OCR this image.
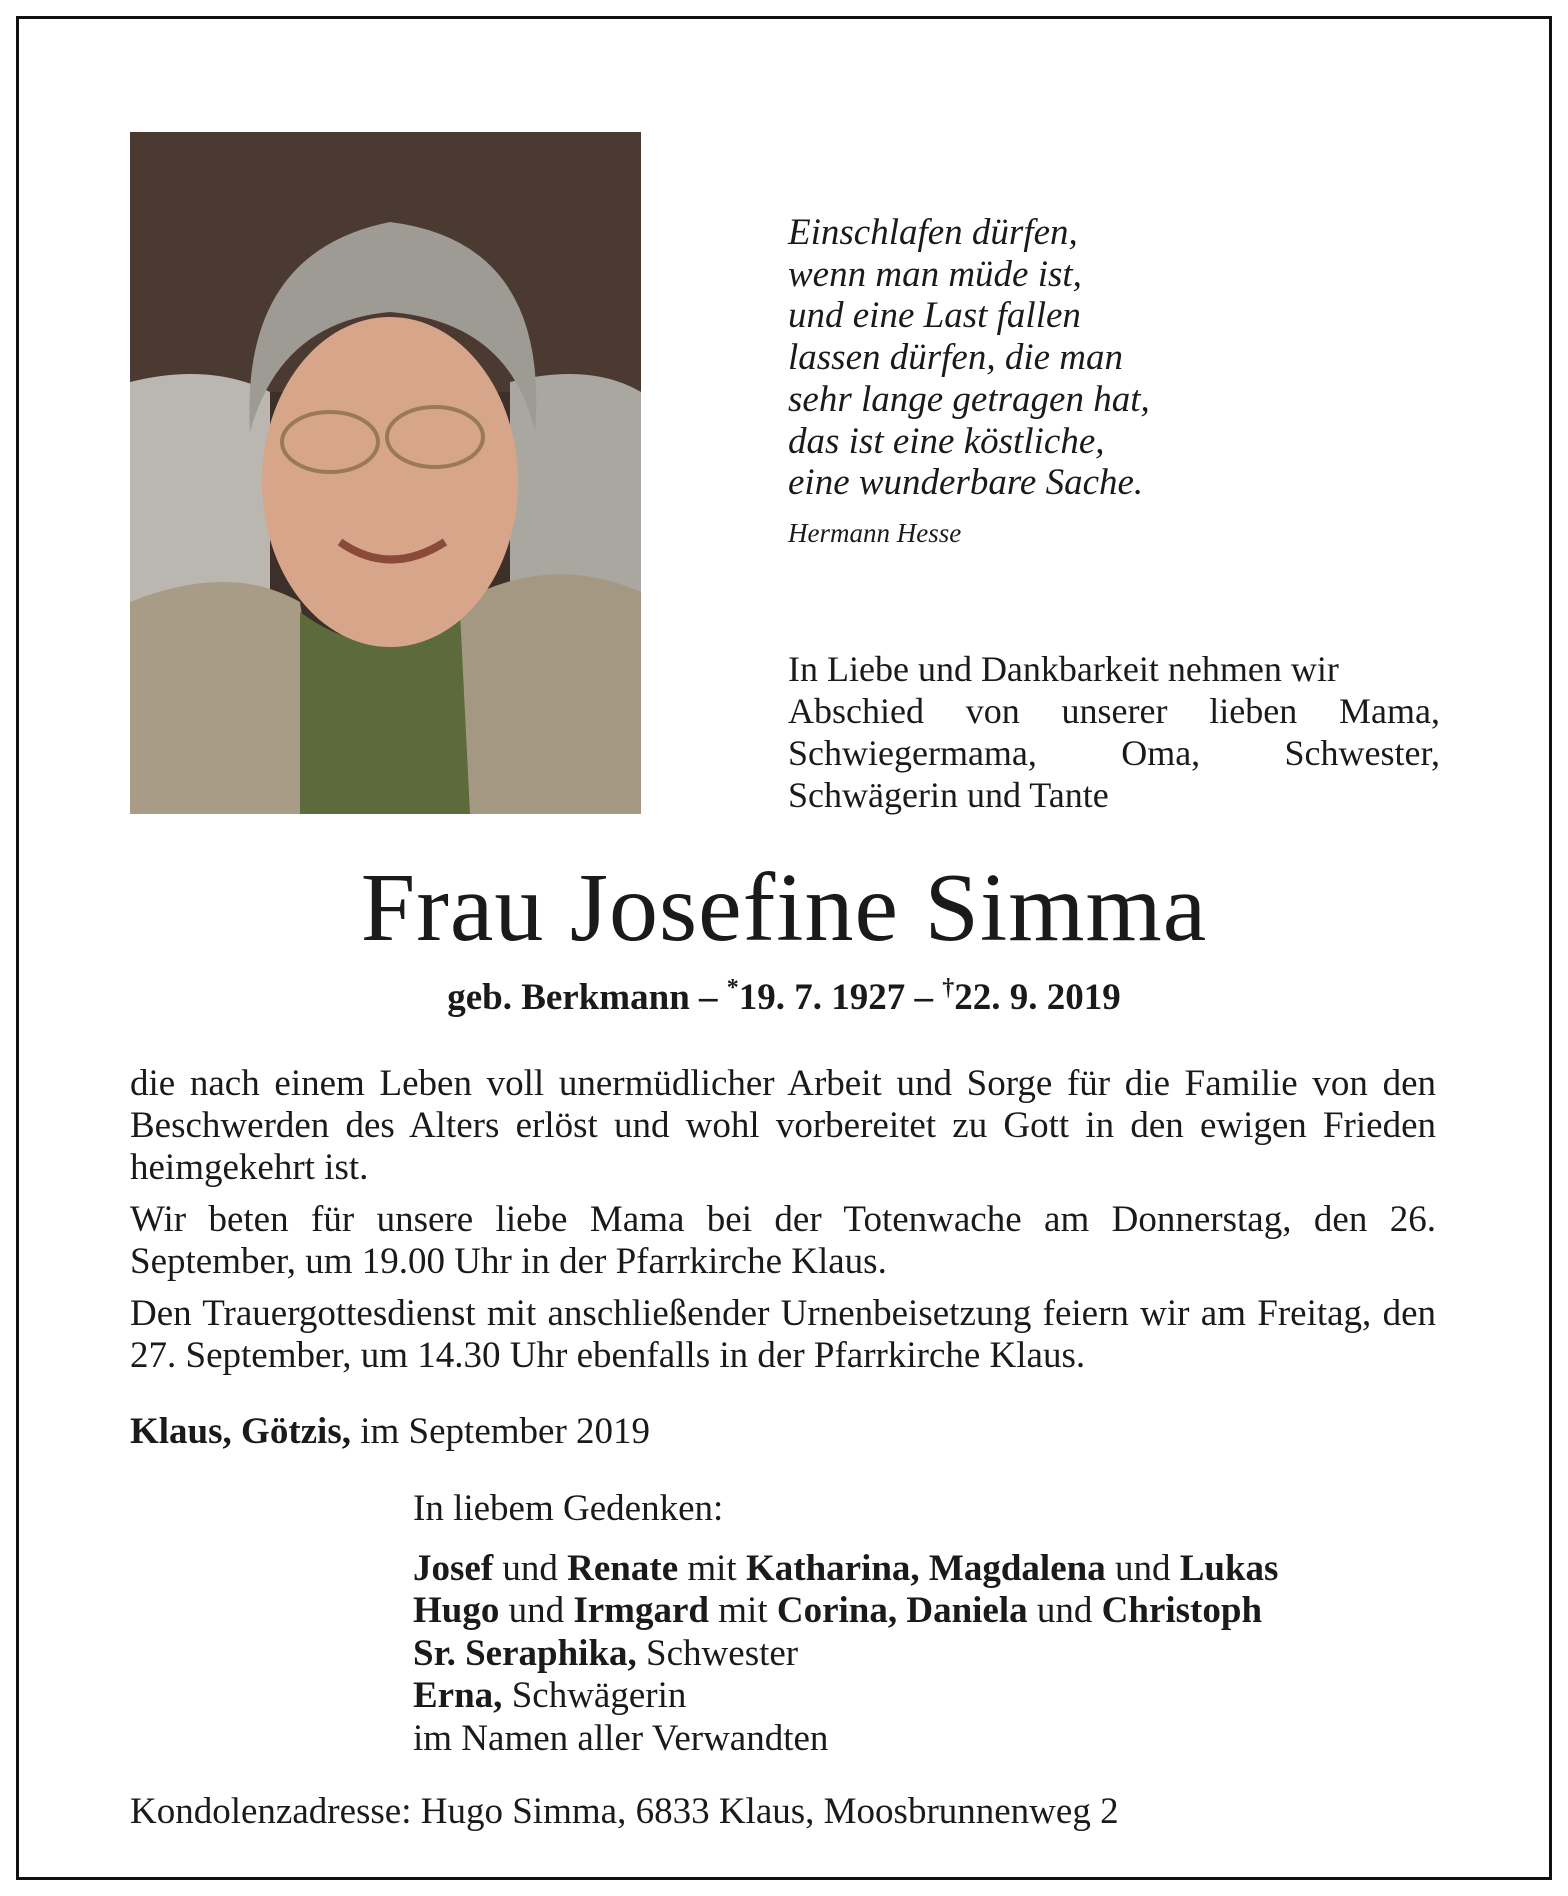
Einschlafen dürfen,
wenn man müde ist,
und eine Last fallen
lassen dürfen, die man
sehr lange getragen hat,
das ist eine köstliche,
eine wunderbare Sache.
Hermann Hesse
In Liebe und Dankbarkeit nehmen wir
Abschied von unserer lieben Mama,
Schwiegermama, Oma, Schwester,
Schwägerin und Tante
Frau Josefine Simma
geb. Berkmann – *19. 7. 1927 – †22. 9. 2019

die nach einem Leben voll unermüdlicher Arbeit und Sorge für die Familie von den Beschwerden des Alters erlöst und wohl vorbereitet zu Gott in den ewigen Frieden heimgekehrt ist.

Wir beten für unsere liebe Mama bei der Totenwache am Donnerstag, den 26. September, um 19.00 Uhr in der Pfarrkirche Klaus.

Den Trauergottesdienst mit anschließender Urnenbeisetzung feiern wir am Freitag, den 27. September, um 14.30 Uhr ebenfalls in der Pfarrkirche Klaus.

Klaus, Götzis, im September 2019
In liebem Gedenken:
Josef und Renate mit Katharina, Magdalena und Lukas
Hugo und Irmgard mit Corina, Daniela und Christoph
Sr. Seraphika, Schwester
Erna, Schwägerin
im Namen aller Verwandten
Kondolenzadresse: Hugo Simma, 6833 Klaus, Moosbrunnenweg 2
